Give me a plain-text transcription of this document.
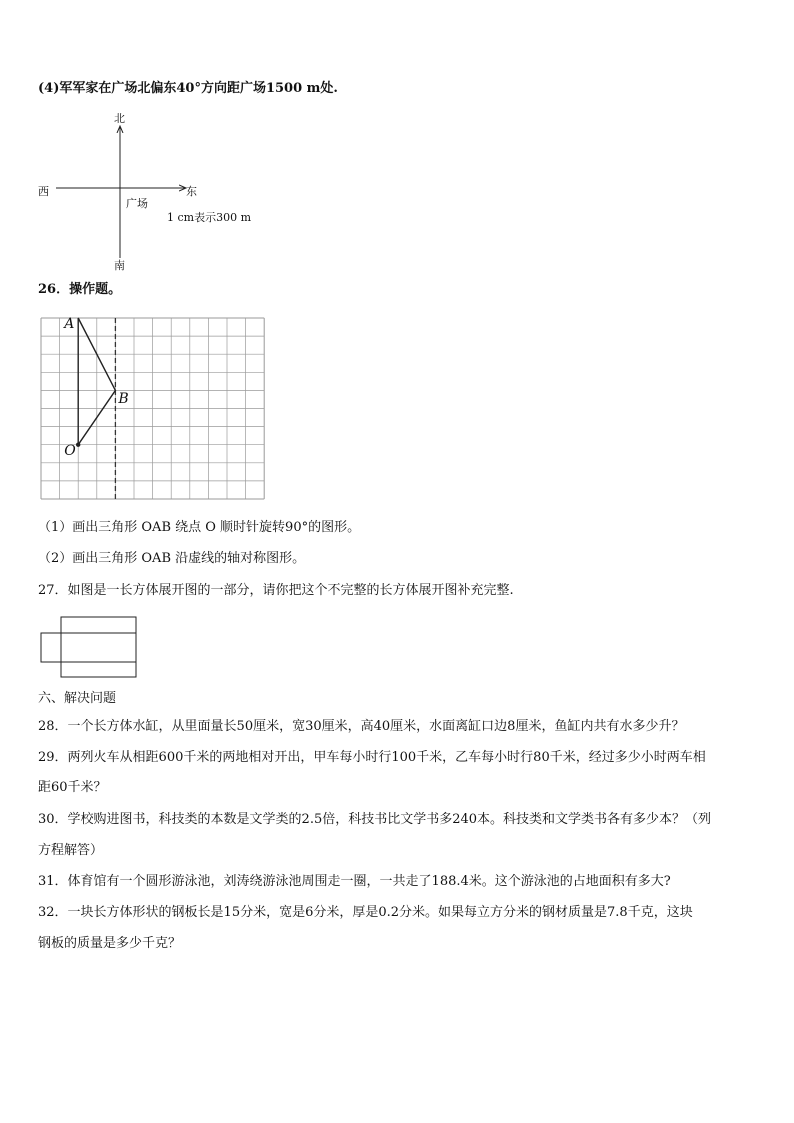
(4)军军家在广场北偏东40°方向距广场1500 m处.
北
南
西	东
广场
1 cm表示300 m
26．操作题。
A
B
O
（1）画出三角形 OAB 绕点 O 顺时针旋转90°的图形。
（2）画出三角形 OAB 沿虚线的轴对称图形。
27．如图是一长方体展开图的一部分，请你把这个不完整的长方体展开图补充完整.
六、解决问题
28．一个长方体水缸，从里面量长50厘米，宽30厘米，高40厘米，水面离缸口边8厘米，鱼缸内共有水多少升？
29．两列火车从相距600千米的两地相对开出，甲车每小时行100千米，乙车每小时行80千米，经过多少小时两车相
距60千米？
30．学校购进图书，科技类的本数是文学类的2.5倍，科技书比文学书多240本。科技类和文学类书各有多少本？（列
方程解答）
31．体育馆有一个圆形游泳池，刘涛绕游泳池周围走一圈，一共走了188.4米。这个游泳池的占地面积有多大?
32．一块长方体形状的钢板长是15分米，宽是6分米，厚是0.2分米。如果每立方分米的钢材质量是7.8千克，这块
钢板的质量是多少千克？
